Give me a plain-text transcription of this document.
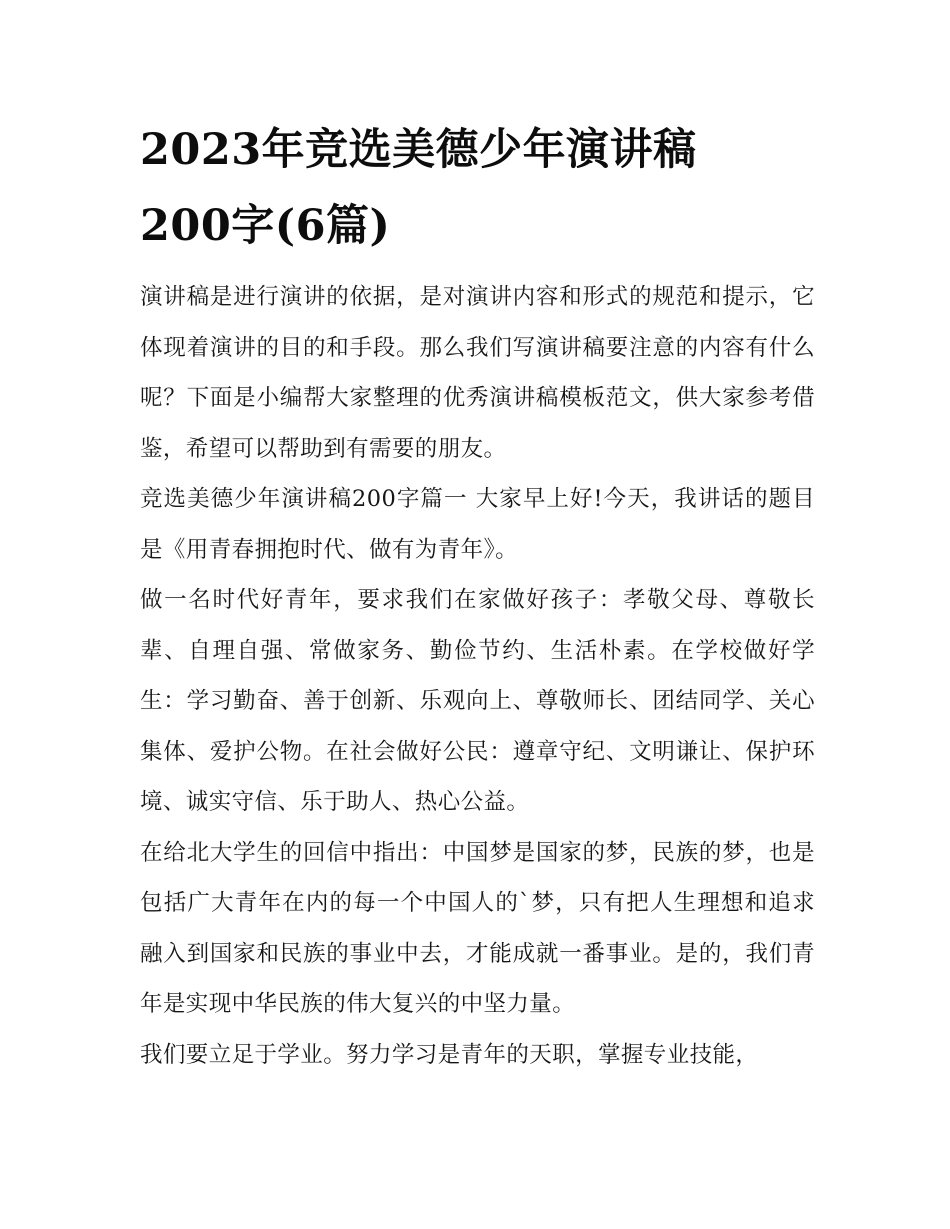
2023年竞选美德少年演讲稿
200字(6篇)

演讲稿是进行演讲的依据，是对演讲内容和形式的规范和提示，它体现着演讲的目的和手段。那么我们写演讲稿要注意的内容有什么呢？下面是小编帮大家整理的优秀演讲稿模板范文，供大家参考借鉴，希望可以帮助到有需要的朋友。

竞选美德少年演讲稿200字篇一 大家早上好!今天，我讲话的题目是《用青春拥抱时代、做有为青年》。

做一名时代好青年，要求我们在家做好孩子：孝敬父母、尊敬长辈、自理自强、常做家务、勤俭节约、生活朴素。在学校做好学生：学习勤奋、善于创新、乐观向上、尊敬师长、团结同学、关心集体、爱护公物。在社会做好公民：遵章守纪、文明谦让、保护环境、诚实守信、乐于助人、热心公益。

在给北大学生的回信中指出：中国梦是国家的梦，民族的梦，也是包括广大青年在内的每一个中国人的`梦，只有把人生理想和追求融入到国家和民族的事业中去，才能成就一番事业。是的，我们青年是实现中华民族的伟大复兴的中坚力量。

我们要立足于学业。努力学习是青年的天职，掌握专业技能，
